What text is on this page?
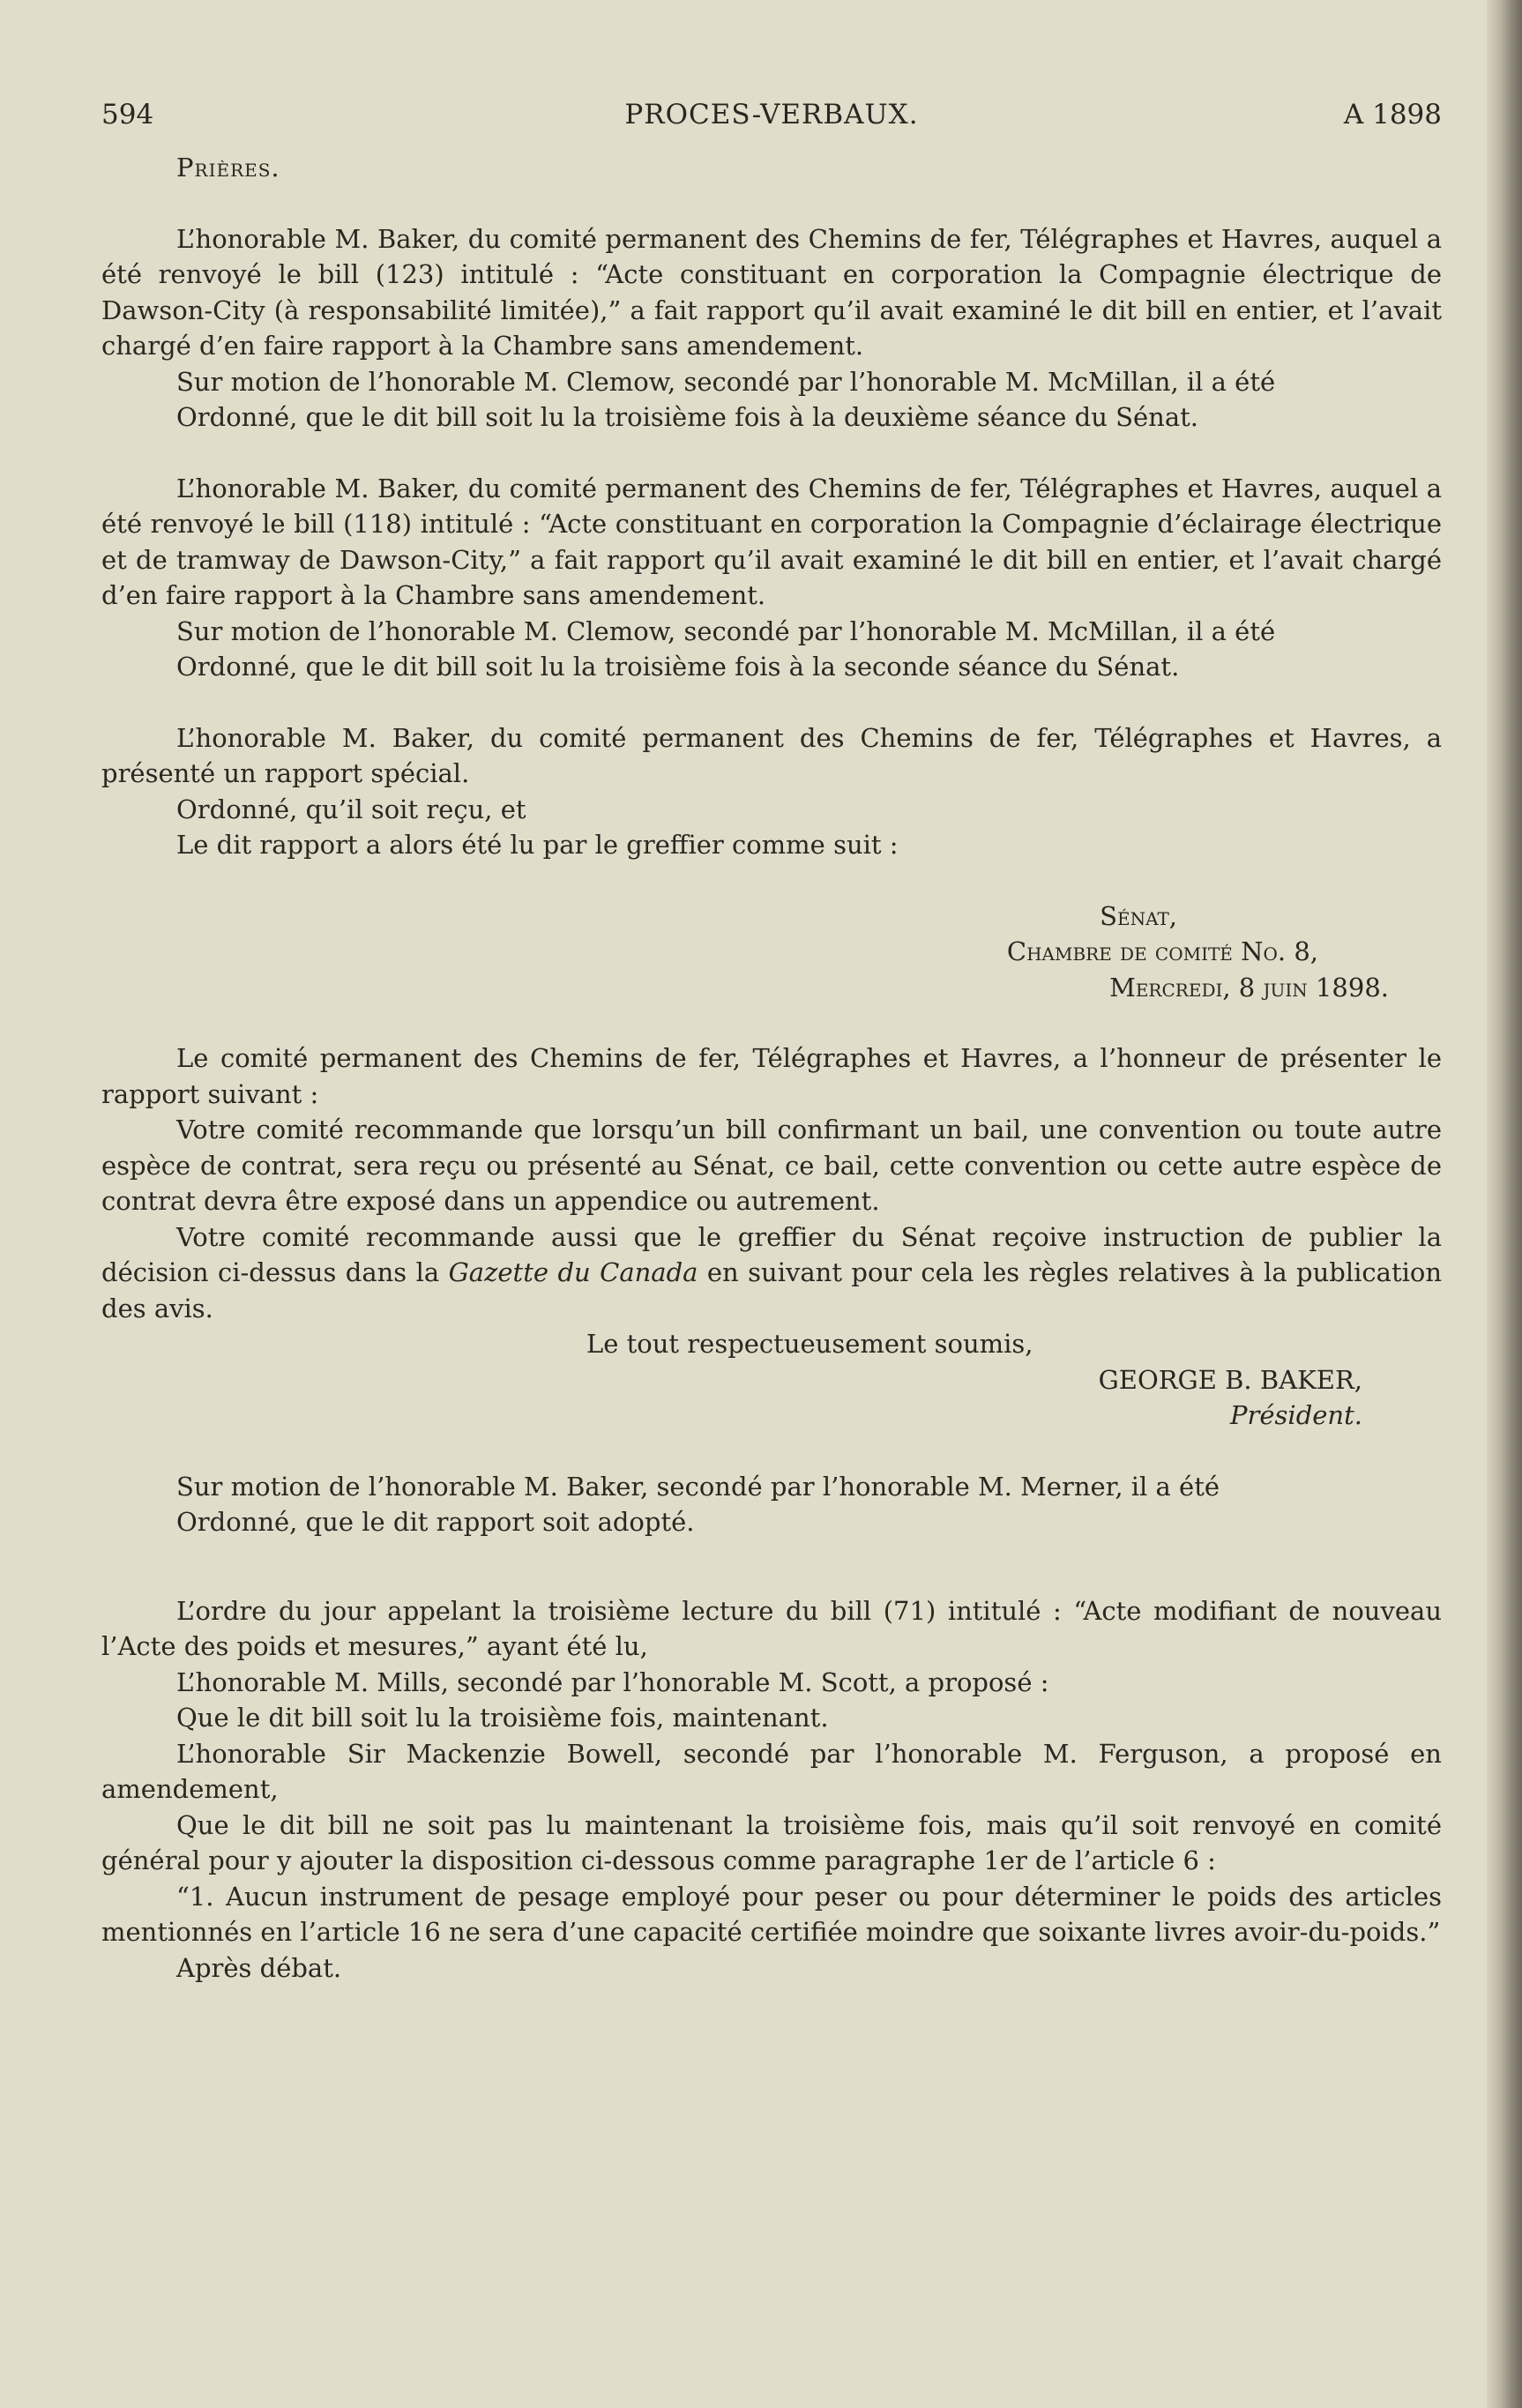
594	PROCES-VERBAUX.	A 1898
Prières.

L’honorable M. Baker, du comité permanent des Chemins de fer, Télégraphes et Havres, auquel a été renvoyé le bill (123) intitulé : “Acte constituant en corporation la Compagnie électrique de Dawson-City (à responsabilité limitée),” a fait rapport qu’il avait examiné le dit bill en entier, et l’avait chargé d’en faire rapport à la Chambre sans amendement.

Sur motion de l’honorable M. Clemow, secondé par l’honorable M. McMillan, il a été

Ordonné, que le dit bill soit lu la troisième fois à la deuxième séance du Sénat.

L’honorable M. Baker, du comité permanent des Chemins de fer, Télégraphes et Havres, auquel a été renvoyé le bill (118) intitulé : “Acte constituant en corporation la Compagnie d’éclairage électrique et de tramway de Dawson-City,” a fait rapport qu’il avait examiné le dit bill en entier, et l’avait chargé d’en faire rapport à la Chambre sans amendement.

Sur motion de l’honorable M. Clemow, secondé par l’honorable M. McMillan, il a été

Ordonné, que le dit bill soit lu la troisième fois à la seconde séance du Sénat.

L’honorable M. Baker, du comité permanent des Chemins de fer, Télégraphes et Havres, a présenté un rapport spécial.

Ordonné, qu’il soit reçu, et

Le dit rapport a alors été lu par le greffier comme suit :

Sénat,
Chambre de comité No. 8,
Mercredi, 8 juin 1898.

Le comité permanent des Chemins de fer, Télégraphes et Havres, a l’honneur de présenter le rapport suivant :

Votre comité recommande que lorsqu’un bill confirmant un bail, une convention ou toute autre espèce de contrat, sera reçu ou présenté au Sénat, ce bail, cette convention ou cette autre espèce de contrat devra être exposé dans un appendice ou autrement.

Votre comité recommande aussi que le greffier du Sénat reçoive instruction de publier la décision ci-dessus dans la Gazette du Canada en suivant pour cela les règles relatives à la publication des avis.

Le tout respectueusement soumis,

GEORGE B. BAKER,

Président.

Sur motion de l’honorable M. Baker, secondé par l’honorable M. Merner, il a été

Ordonné, que le dit rapport soit adopté.

L’ordre du jour appelant la troisième lecture du bill (71) intitulé : “Acte modifiant de nouveau l’Acte des poids et mesures,” ayant été lu,

L’honorable M. Mills, secondé par l’honorable M. Scott, a proposé :

Que le dit bill soit lu la troisième fois, maintenant.

L’honorable Sir Mackenzie Bowell, secondé par l’honorable M. Ferguson, a proposé en amendement,

Que le dit bill ne soit pas lu maintenant la troisième fois, mais qu’il soit renvoyé en comité général pour y ajouter la disposition ci-dessous comme paragraphe 1er de l’article 6 :

“1. Aucun instrument de pesage employé pour peser ou pour déterminer le poids des articles mentionnés en l’article 16 ne sera d’une capacité certifiée moindre que soixante livres avoir-du-poids.”

Après débat.
